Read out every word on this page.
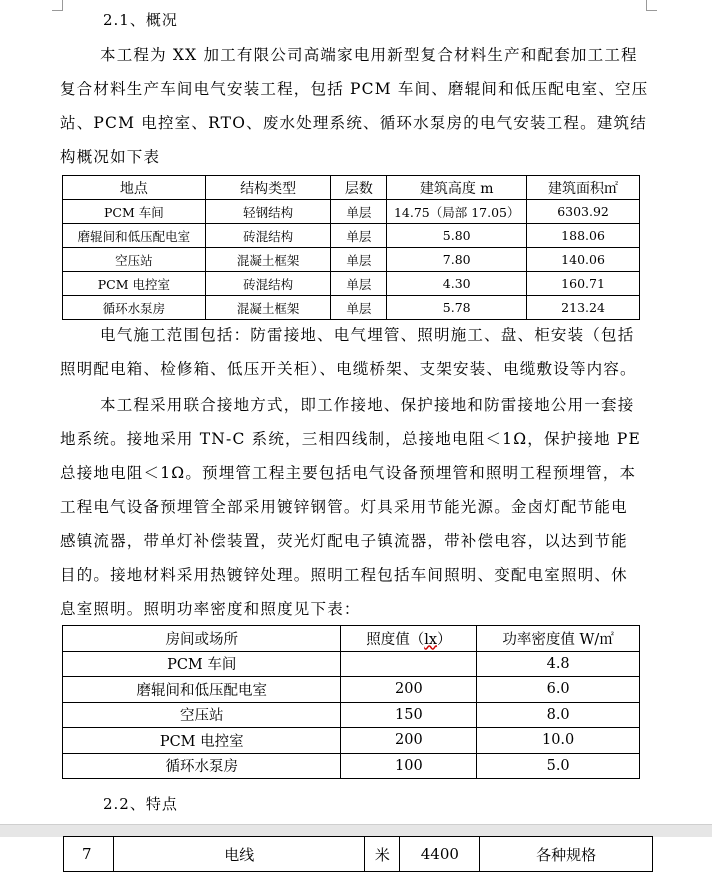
2.1、概况
本工程为 XX 加工有限公司高端家电用新型复合材料生产和配套加工工程
复合材料生产车间电气安装工程，包括 PCM 车间、磨辊间和低压配电室、空压
站、PCM 电控室、RTO、废水处理系统、循环水泵房的电气安装工程。建筑结
构概况如下表
地点	结构类型	层数	建筑高度 m	建筑面积㎡
PCM 车间	轻钢结构	单层	14.75（局部 17.05）	6303.92
磨辊间和低压配电室	砖混结构	单层	5.80	188.06
空压站	混凝土框架	单层	7.80	140.06
PCM 电控室	砖混结构	单层	4.30	160.71
循环水泵房	混凝土框架	单层	5.78	213.24
电气施工范围包括：防雷接地、电气埋管、照明施工、盘、柜安装（包括
照明配电箱、检修箱、低压开关柜）、电缆桥架、支架安装、电缆敷设等内容。
本工程采用联合接地方式，即工作接地、保护接地和防雷接地公用一套接
地系统。接地采用 TN-C 系统，三相四线制，总接地电阻＜1Ω，保护接地 PE
总接地电阻＜1Ω。预埋管工程主要包括电气设备预埋管和照明工程预埋管，本
工程电气设备预埋管全部采用镀锌钢管。灯具采用节能光源。金卤灯配节能电
感镇流器，带单灯补偿装置，荧光灯配电子镇流器，带补偿电容，以达到节能
目的。接地材料采用热镀锌处理。照明工程包括车间照明、变配电室照明、休
息室照明。照明功率密度和照度见下表：
房间或场所	照度值（lx）	功率密度值 W/㎡
PCM 车间		4.8
磨辊间和低压配电室	200	6.0
空压站	150	8.0
PCM 电控室	200	10.0
循环水泵房	100	5.0
2.2、特点
7	电线	米	4400	各种规格
